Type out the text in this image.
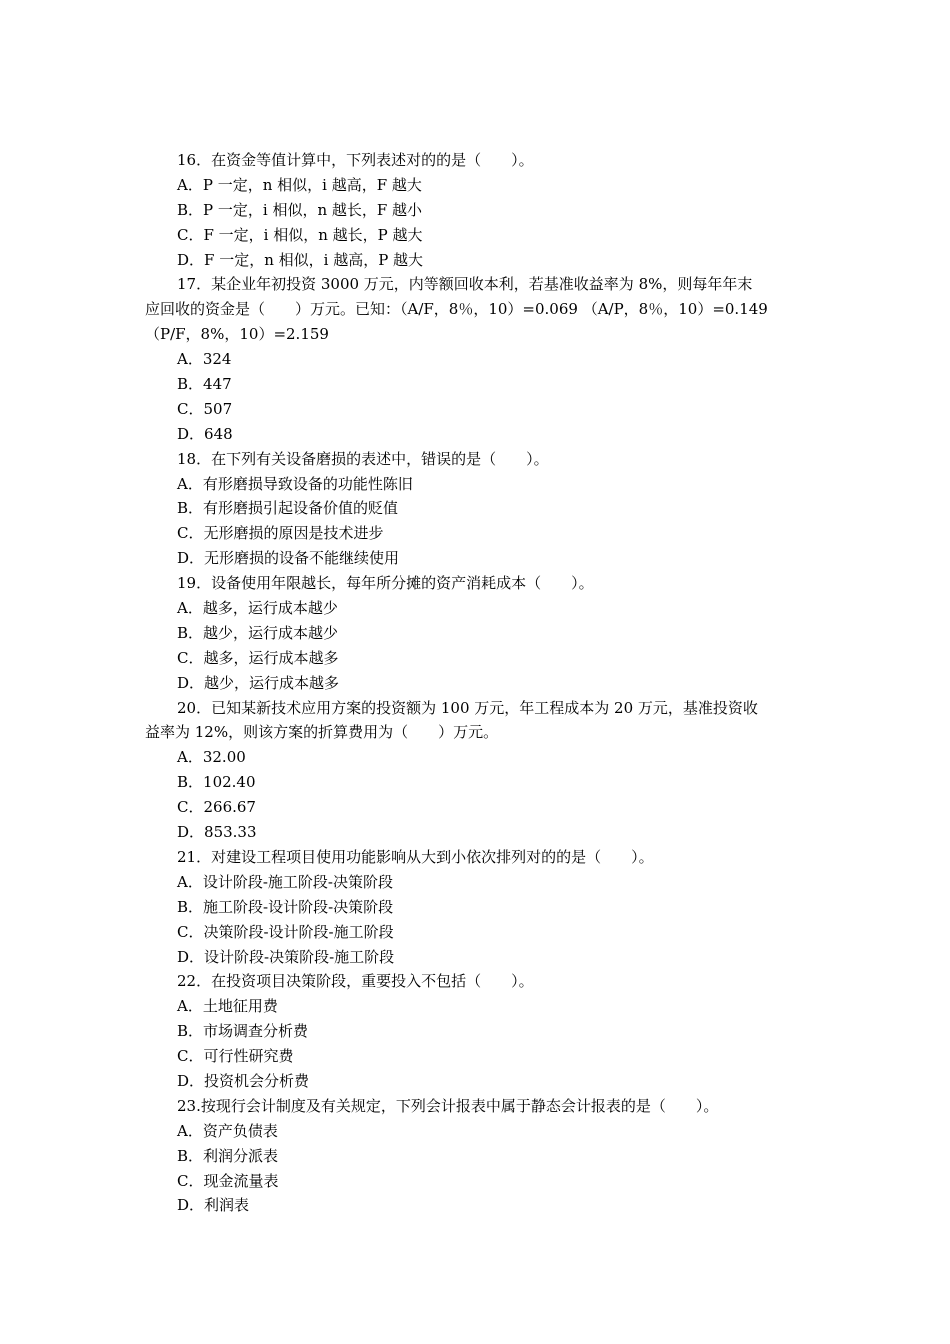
16．在资金等值计算中，下列表述对的的是（　　）。
A．P 一定，n 相似，i 越高，F 越大
B．P 一定，i 相似，n 越长，F 越小
C．F 一定，i 相似，n 越长，P 越大
D．F 一定，n 相似，i 越高，P 越大
17．某企业年初投资 3000 万元，内等额回收本利，若基准收益率为 8%，则每年年末
应回收的资金是（　　）万元。已知：（A/F，8％，10）=0.069 （A/P，8％，10）=0.149
（P/F，8%，10）=2.159
A．324
B．447
C．507
D．648
18．在下列有关设备磨损的表述中，错误的是（　　）。
A．有形磨损导致设备的功能性陈旧
B．有形磨损引起设备价值的贬值
C．无形磨损的原因是技术进步
D．无形磨损的设备不能继续使用
19．设备使用年限越长，每年所分摊的资产消耗成本（　　）。
A．越多，运行成本越少
B．越少，运行成本越少
C．越多，运行成本越多
D．越少，运行成本越多
20．已知某新技术应用方案的投资额为 100 万元，年工程成本为 20 万元，基准投资收
益率为 12%，则该方案的折算费用为（　　）万元。
A．32.00
B．102.40
C．266.67
D．853.33
21．对建设工程项目使用功能影响从大到小依次排列对的的是（　　）。
A．设计阶段-施工阶段-决策阶段
B．施工阶段-设计阶段-决策阶段
C．决策阶段-设计阶段-施工阶段
D．设计阶段-决策阶段-施工阶段
22．在投资项目决策阶段，重要投入不包括（　　）。
A．土地征用费
B．市场调查分析费
C．可行性研究费
D．投资机会分析费
23.按现行会计制度及有关规定，下列会计报表中属于静态会计报表的是（　　）。
A．资产负债表
B．利润分派表
C．现金流量表
D．利润表
